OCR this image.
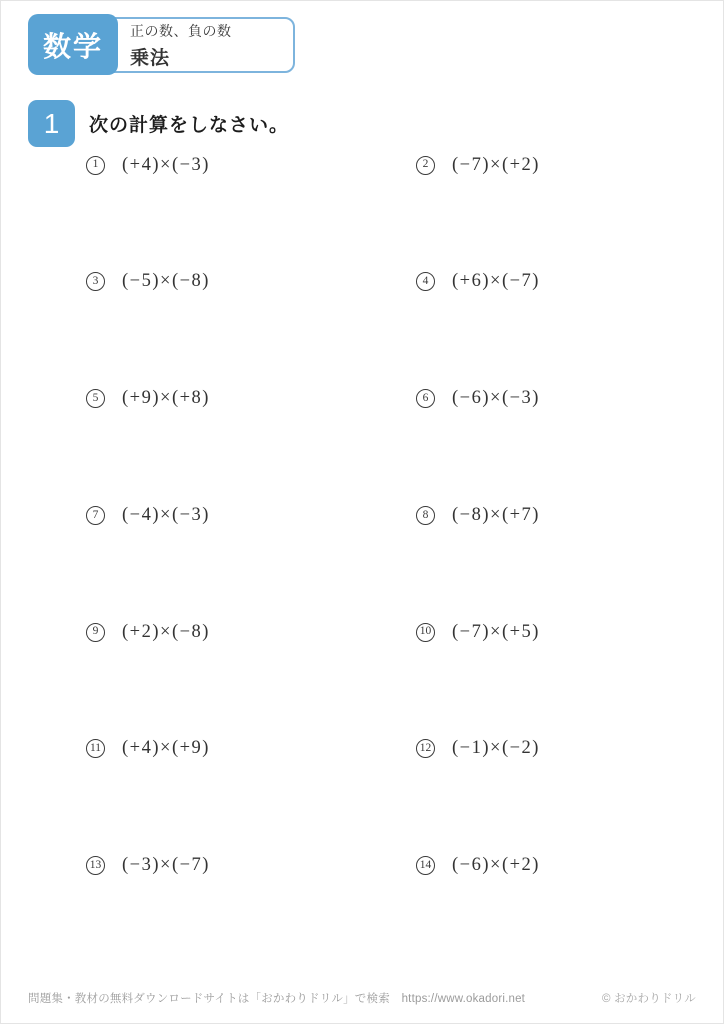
正の数、負の数
乗法
数学
1	次の計算をしなさい。
1	(+4)×(−3)	2	(−7)×(+2)
3	(−5)×(−8)	4	(+6)×(−7)
5	(+9)×(+8)	6	(−6)×(−3)
7	(−4)×(−3)	8	(−8)×(+7)
9	(+2)×(−8)	10 (−7)×(+5)
11 (+4)×(+9)	12 (−1)×(−2)
13 (−3)×(−7)	14 (−6)×(+2)
問題集・教材の無料ダウンロードサイトは「おかわりドリル」で検索　https://www.okadori.net	© おかわりドリル
